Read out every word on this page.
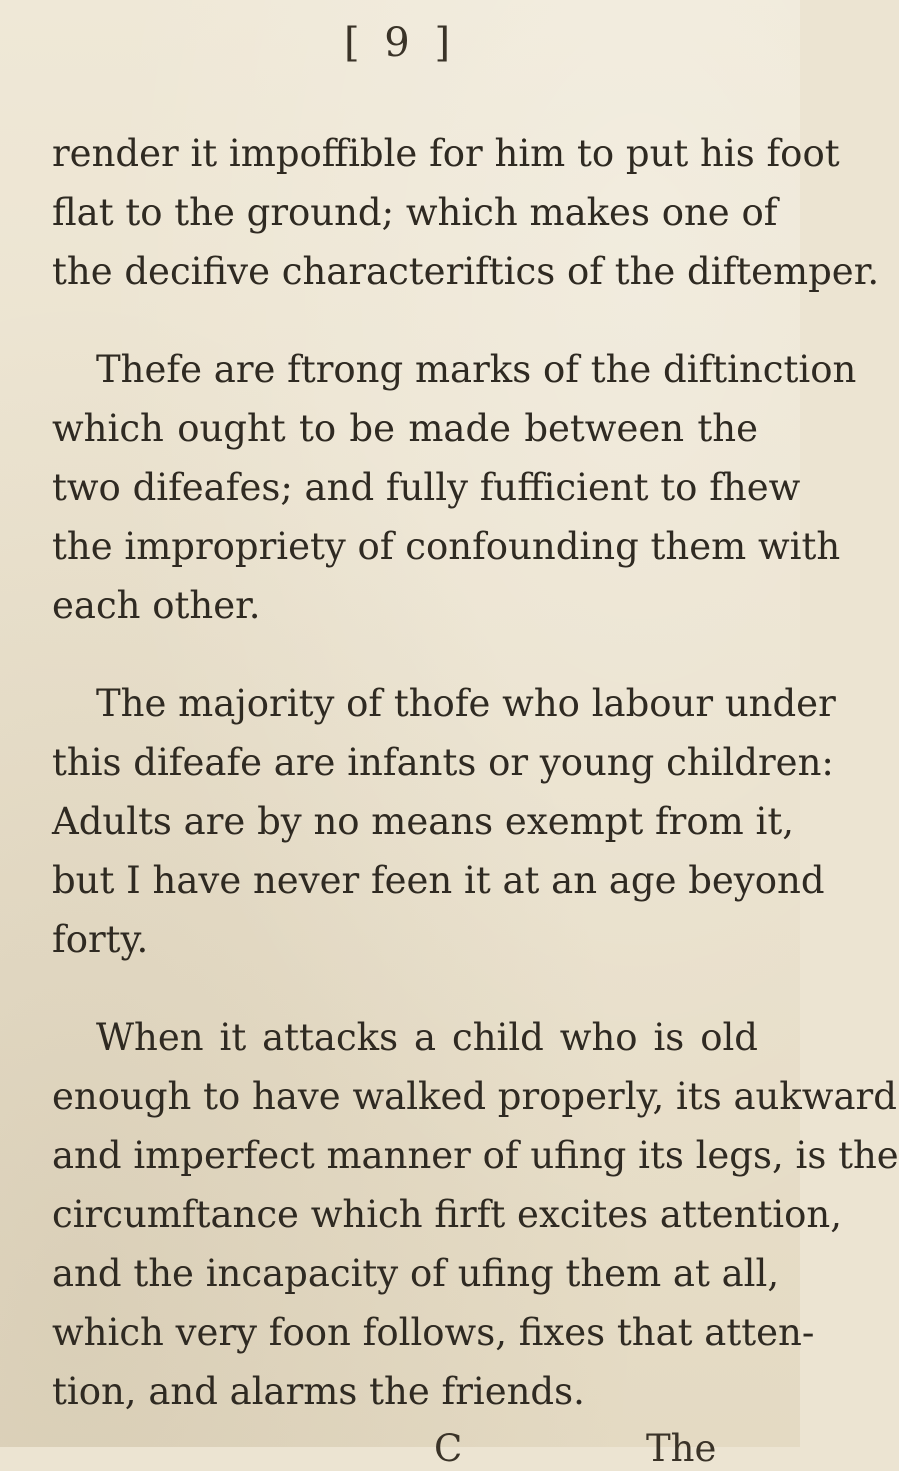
[ 9 ]
render it impoffible for him to put his foot
flat to the ground; which makes one of
the decifive characteriftics of the diftemper.
Thefe are ftrong marks of the diftinction
which ought to be made between the
two difeafes; and fully fufficient to fhew
the impropriety of confounding them with
each other.
The majority of thofe who labour under
this difeafe are infants or young children:
Adults are by no means exempt from it,
but I have never feen it at an age beyond
forty.
When it attacks a child who is old
enough to have walked properly, its aukward
and imperfect manner of ufing its legs, is the
circumftance which firft excites attention,
and the incapacity of ufing them at all,
which very foon follows, fixes that atten-
tion, and alarms the friends.
C	The
